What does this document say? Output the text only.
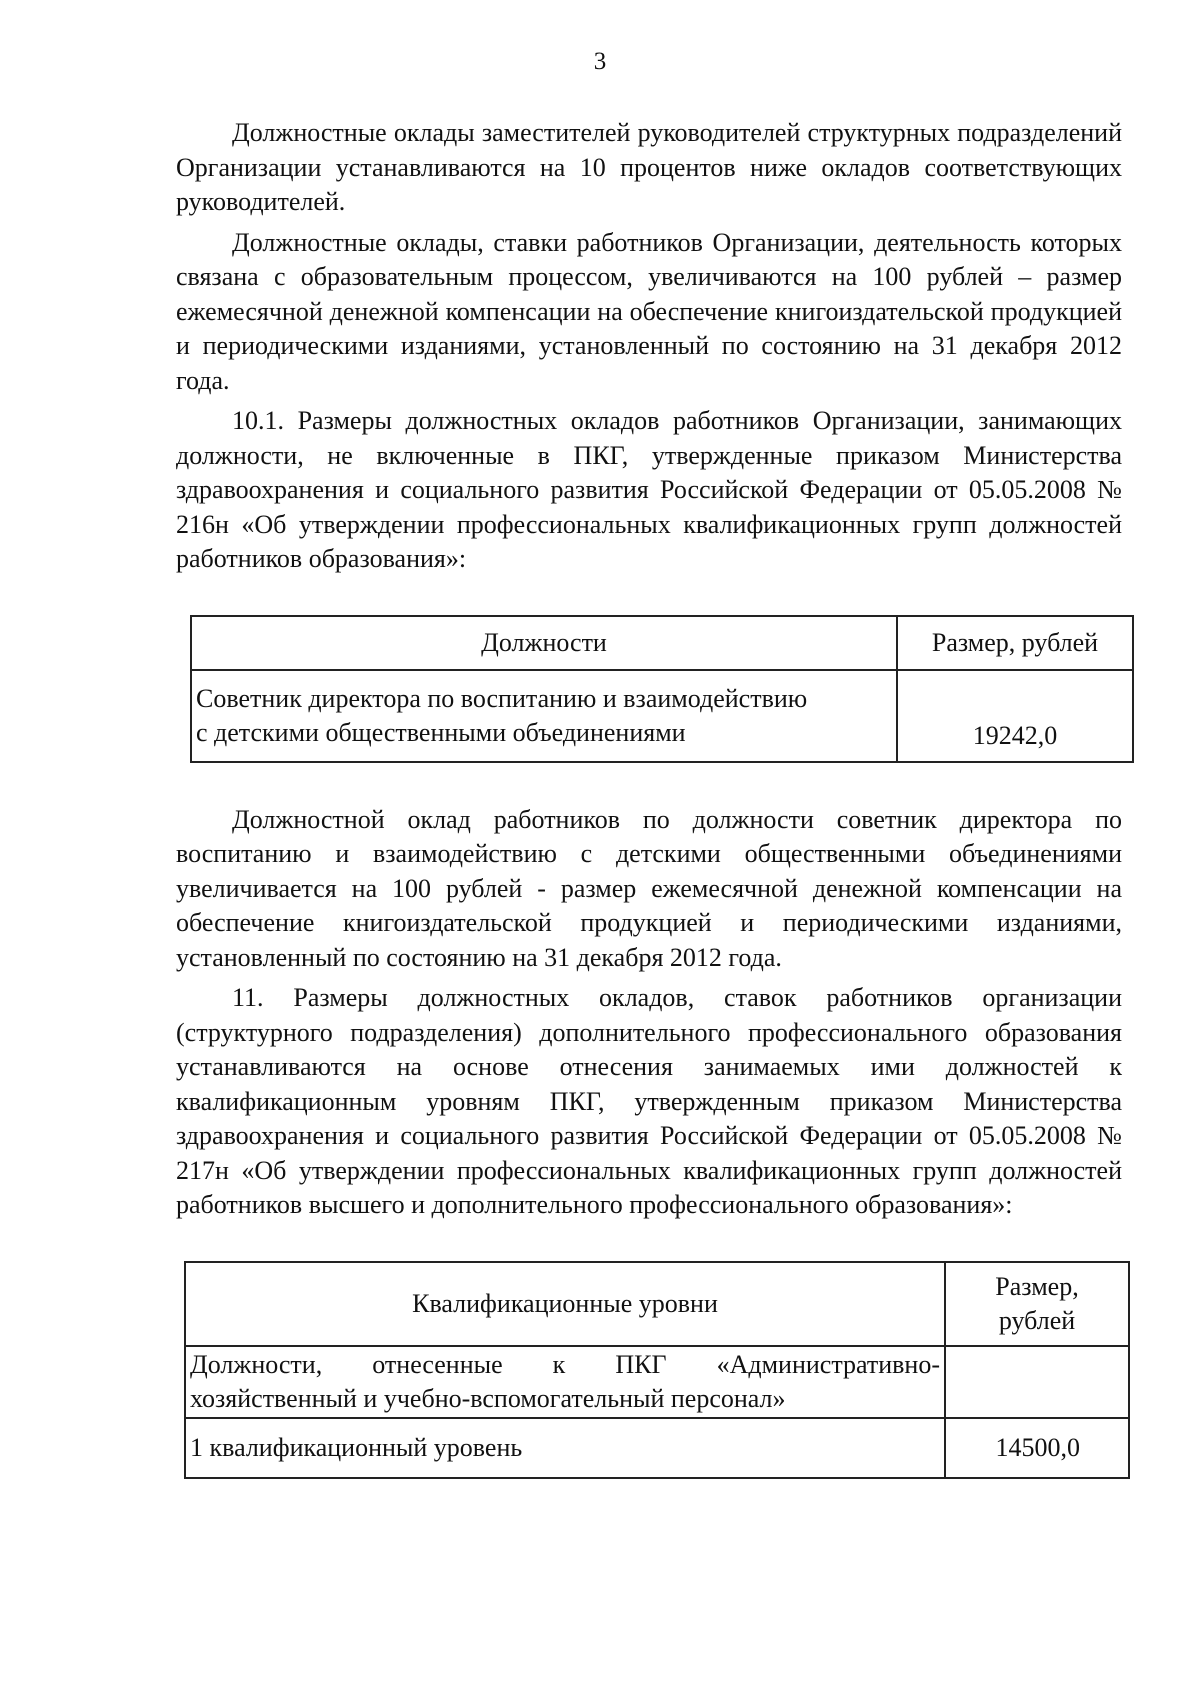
3

Должностные оклады заместителей руководителей структурных подразделений Организации устанавливаются на 10 процентов ниже окладов соответствующих руководителей.

Должностные оклады, ставки работников Организации, деятельность которых связана с образовательным процессом, увеличиваются на 100 рублей – размер ежемесячной денежной компенсации на обеспечение книгоиздательской продукцией и периодическими изданиями, установленный по состоянию на 31 декабря 2012 года.

10.1. Размеры должностных окладов работников Организации, занимающих должности, не включенные в ПКГ, утвержденные приказом Министерства здравоохранения и социального развития Российской Федерации от 05.05.2008 № 216н «Об утверждении профессиональных квалификационных групп должностей работников образования»:

Должности	Размер, рублей

Советник директора по воспитанию и взаимодействию
с детскими общественными объединениями	19242,0

Должностной оклад работников по должности советник директора по воспитанию и взаимодействию с детскими общественными объединениями увеличивается на 100 рублей - размер ежемесячной денежной компенсации на обеспечение книгоиздательской продукцией и периодическими изданиями, установленный по состоянию на 31 декабря 2012 года.

11. Размеры должностных окладов, ставок работников организации (структурного подразделения) дополнительного профессионального образования устанавливаются на основе отнесения занимаемых ими должностей к квалификационным уровням ПКГ, утвержденным приказом Министерства здравоохранения и социального развития Российской Федерации от 05.05.2008 № 217н «Об утверждении профессиональных квалификационных групп должностей работников высшего и дополнительного профессионального образования»:

Квалификационные уровни	Размер,
рублей

Должности, отнесенные к ПКГ «Административно-
хозяйственный и учебно-вспомогательный персонал»	

1 квалификационный уровень	14500,0
